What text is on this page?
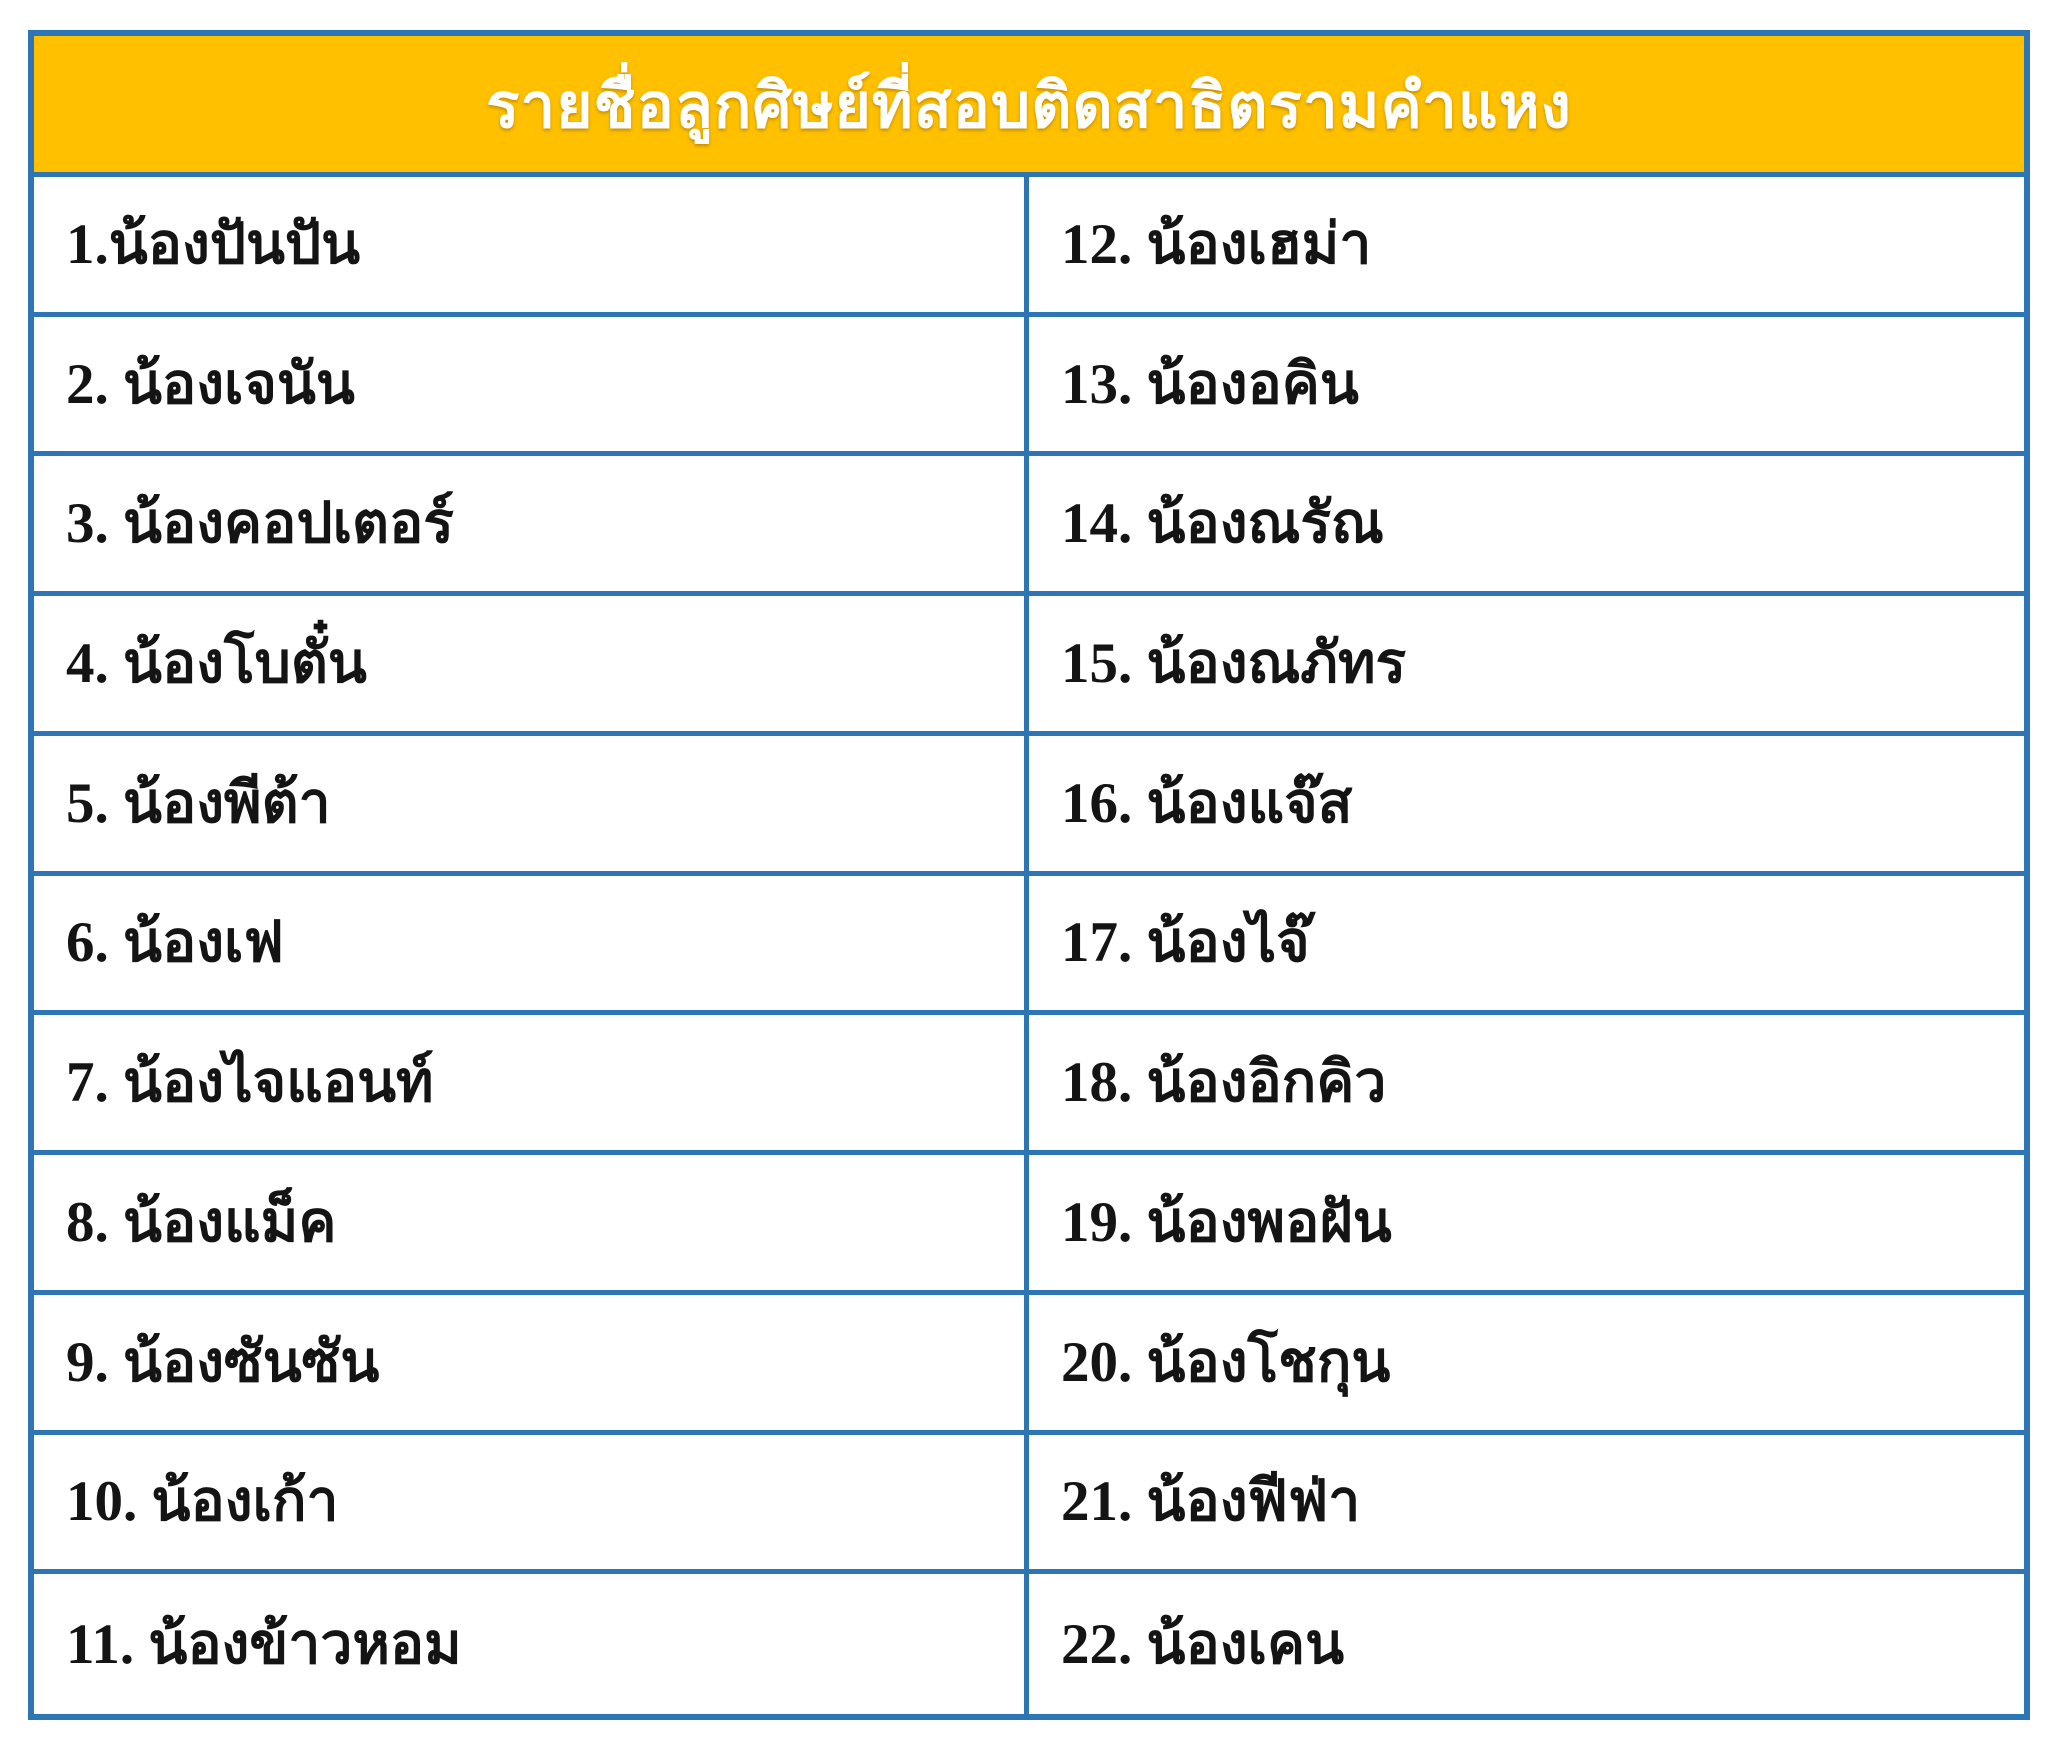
รายชื่อลูกศิษย์ที่สอบติดสาธิตรามคำแหง
1.น้องปันปัน	12. น้องเฮม่า
2. น้องเจนัน	13. น้องอคิน
3. น้องคอปเตอร์	14. น้องณรัณ
4. น้องโบตั๋น	15. น้องณภัทร
5. น้องพีต้า	16. น้องแจ๊ส
6. น้องเฟ	17. น้องไจ๊
7. น้องไจแอนท์	18. น้องอิกคิว
8. น้องแม็ค	19. น้องพอฝัน
9. น้องซันซัน	20. น้องโชกุน
10. น้องเก้า	21. น้องฟีฟ่า
11. น้องข้าวหอม	22. น้องเคน
